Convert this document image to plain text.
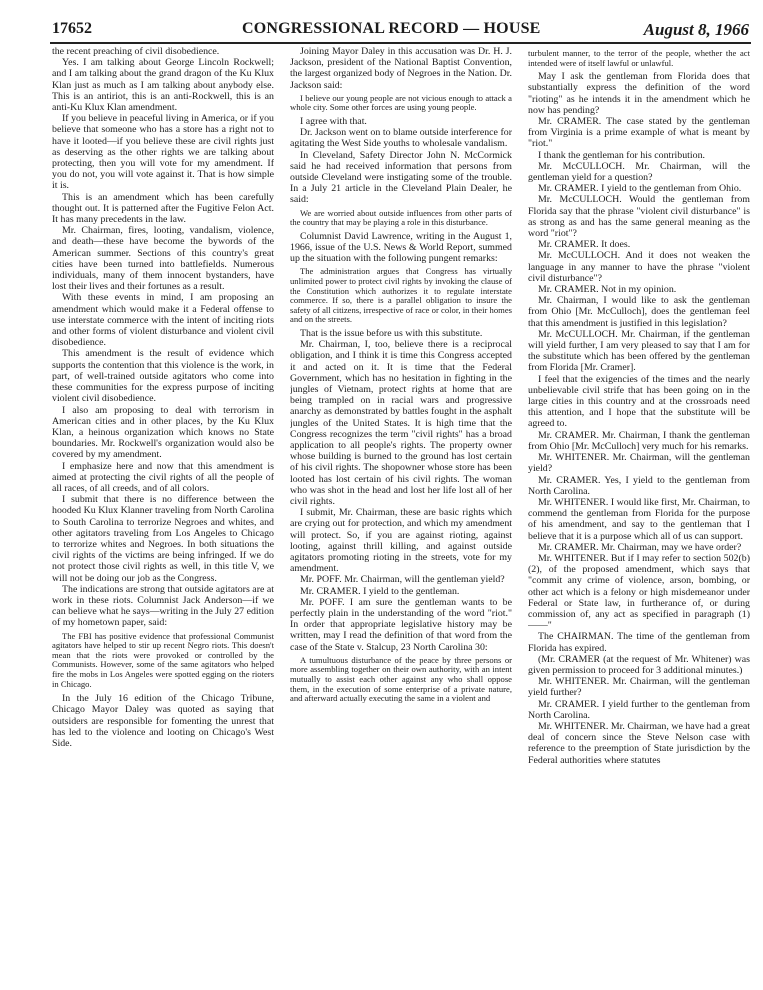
17652	CONGRESSIONAL RECORD — HOUSE	August 8, 1966

the recent preaching of civil disobedience.

Yes. I am talking about George Lincoln Rockwell; and I am talking about the grand dragon of the Ku Klux Klan just as much as I am talking about anybody else. This is an antiriot, this is an anti-Rockwell, this is an anti-Ku Klux Klan amendment.

If you believe in peaceful living in America, or if you believe that someone who has a store has a right not to have it looted—if you believe these are civil rights just as deserving as the other rights we are talking about protecting, then you will vote for my amendment. If you do not, you will vote against it. That is how simple it is.

This is an amendment which has been carefully thought out. It is patterned after the Fugitive Felon Act. It has many precedents in the law.

Mr. Chairman, fires, looting, vandalism, violence, and death—these have become the bywords of the American summer. Sections of this country's great cities have been turned into battlefields. Numerous individuals, many of them innocent bystanders, have lost their lives and their fortunes as a result.

With these events in mind, I am proposing an amendment which would make it a Federal offense to use interstate commerce with the intent of inciting riots and other forms of violent disturbance and violent civil disobedience.

This amendment is the result of evidence which supports the contention that this violence is the work, in part, of well-trained outside agitators who come into these communities for the express purpose of inciting violent civil disobedience.

I also am proposing to deal with terrorism in American cities and in other places, by the Ku Klux Klan, a heinous organization which knows no State boundaries. Mr. Rockwell's organization would also be covered by my amendment.

I emphasize here and now that this amendment is aimed at protecting the civil rights of all the people of all races, of all creeds, and of all colors.

I submit that there is no difference between the hooded Ku Klux Klanner traveling from North Carolina to South Carolina to terrorize Negroes and whites, and other agitators traveling from Los Angeles to Chicago to terrorize whites and Negroes. In both situations the civil rights of the victims are being infringed. If we do not protect those civil rights as well, in this title V, we will not be doing our job as the Congress.

The indications are strong that outside agitators are at work in these riots. Columnist Jack Anderson—if we can believe what he says—writing in the July 27 edition of my hometown paper, said:

The FBI has positive evidence that professional Communist agitators have helped to stir up recent Negro riots. This doesn't mean that the riots were provoked or controlled by the Communists. However, some of the same agitators who helped fire the mobs in Los Angeles were spotted egging on the rioters in Chicago.

In the July 16 edition of the Chicago Tribune, Chicago Mayor Daley was quoted as saying that outsiders are responsible for fomenting the unrest that has led to the violence and looting on Chicago's West Side.

Joining Mayor Daley in this accusation was Dr. H. J. Jackson, president of the National Baptist Convention, the largest organized body of Negroes in the Nation. Dr. Jackson said:

I believe our young people are not vicious enough to attack a whole city. Some other forces are using young people.

I agree with that.

Dr. Jackson went on to blame outside interference for agitating the West Side youths to wholesale vandalism.

In Cleveland, Safety Director John N. McCormick said he had received information that persons from outside Cleveland were instigating some of the trouble. In a July 21 article in the Cleveland Plain Dealer, he said:

We are worried about outside influences from other parts of the country that may be playing a role in this disturbance.

Columnist David Lawrence, writing in the August 1, 1966, issue of the U.S. News & World Report, summed up the situation with the following pungent remarks:

The administration argues that Congress has virtually unlimited power to protect civil rights by invoking the clause of the Constitution which authorizes it to regulate interstate commerce. If so, there is a parallel obligation to insure the safety of all citizens, irrespective of race or color, in their homes and on the streets.

That is the issue before us with this substitute.

Mr. Chairman, I, too, believe there is a reciprocal obligation, and I think it is time this Congress accepted it and acted on it. It is time that the Federal Government, which has no hesitation in fighting in the jungles of Vietnam, protect rights at home that are being trampled on in racial wars and progressive anarchy as demonstrated by battles fought in the asphalt jungles of the United States. It is high time that the Congress recognizes the term "civil rights" has a broad application to all people's rights. The property owner whose building is burned to the ground has lost certain of his civil rights. The shopowner whose store has been looted has lost certain of his civil rights. The woman who was shot in the head and lost her life lost all of her civil rights.

I submit, Mr. Chairman, these are basic rights which are crying out for protection, and which my amendment will protect. So, if you are against rioting, against looting, against thrill killing, and against outside agitators promoting rioting in the streets, vote for my amendment.

Mr. POFF. Mr. Chairman, will the gentleman yield?

Mr. CRAMER. I yield to the gentleman.

Mr. POFF. I am sure the gentleman wants to be perfectly plain in the understanding of the word "riot." In order that appropriate legislative history may be written, may I read the definition of that word from the case of the State v. Stalcup, 23 North Carolina 30:

A tumultuous disturbance of the peace by three persons or more assembling together on their own authority, with an intent mutually to assist each other against any who shall oppose them, in the execution of some enterprise of a private nature, and afterward actually executing the same in a violent and

turbulent manner, to the terror of the people, whether the act intended were of itself lawful or unlawful.

May I ask the gentleman from Florida does that substantially express the definition of the word "rioting" as he intends it in the amendment which he now has pending?

Mr. CRAMER. The case stated by the gentleman from Virginia is a prime example of what is meant by "riot."

I thank the gentleman for his contribution.

Mr. McCULLOCH. Mr. Chairman, will the gentleman yield for a question?

Mr. CRAMER. I yield to the gentleman from Ohio.

Mr. McCULLOCH. Would the gentleman from Florida say that the phrase "violent civil disturbance" is as strong as and has the same general meaning as the word "riot"?

Mr. CRAMER. It does.

Mr. McCULLOCH. And it does not weaken the language in any manner to have the phrase "violent civil disturbance"?

Mr. CRAMER. Not in my opinion.

Mr. Chairman, I would like to ask the gentleman from Ohio [Mr. McCulloch], does the gentleman feel that this amendment is justified in this legislation?

Mr. McCULLOCH. Mr. Chairman, if the gentleman will yield further, I am very pleased to say that I am for the substitute which has been offered by the gentleman from Florida [Mr. Cramer].

I feel that the exigencies of the times and the nearly unbelievable civil strife that has been going on in the large cities in this country and at the crossroads need this attention, and I hope that the substitute will be agreed to.

Mr. CRAMER. Mr. Chairman, I thank the gentleman from Ohio [Mr. McCulloch] very much for his remarks.

Mr. WHITENER. Mr. Chairman, will the gentleman yield?

Mr. CRAMER. Yes, I yield to the gentleman from North Carolina.

Mr. WHITENER. I would like first, Mr. Chairman, to commend the gentleman from Florida for the purpose of his amendment, and say to the gentleman that I believe that it is a purpose which all of us can support.

Mr. CRAMER. Mr. Chairman, may we have order?

Mr. WHITENER. But if I may refer to section 502(b)(2), of the proposed amendment, which says that "commit any crime of violence, arson, bombing, or other act which is a felony or high misdemeanor under Federal or State law, in furtherance of, or during commission of, any act as specified in paragraph (1)——"

The CHAIRMAN. The time of the gentleman from Florida has expired.

(Mr. CRAMER (at the request of Mr. Whitener) was given permission to proceed for 3 additional minutes.)

Mr. WHITENER. Mr. Chairman, will the gentleman yield further?

Mr. CRAMER. I yield further to the gentleman from North Carolina.

Mr. WHITENER. Mr. Chairman, we have had a great deal of concern since the Steve Nelson case with reference to the preemption of State jurisdiction by the Federal authorities where statutes
